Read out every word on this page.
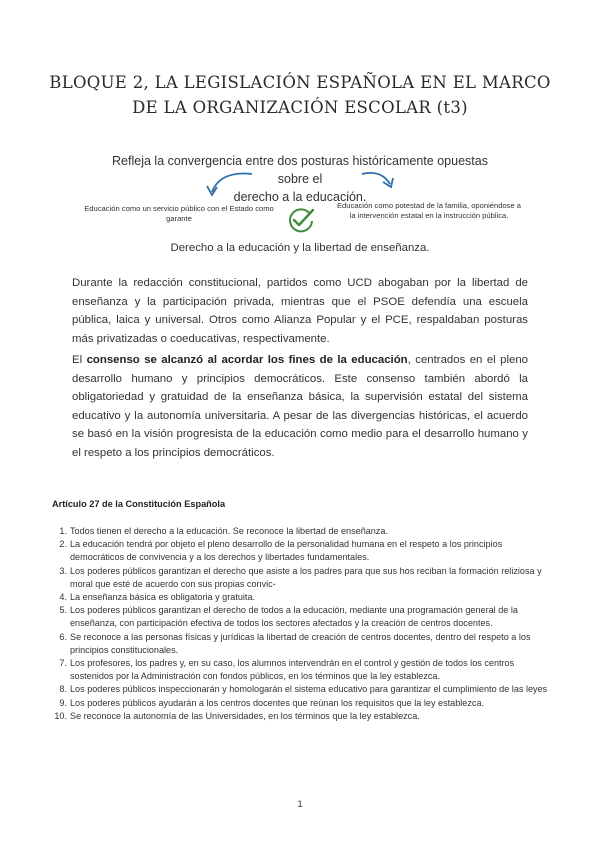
BLOQUE 2, LA LEGISLACIÓN ESPAÑOLA EN EL MARCO
DE LA ORGANIZACIÓN ESCOLAR (t3)
Refleja la convergencia entre dos posturas históricamente opuestas sobre el
derecho a la educación.
Educación como un servicio público con el Estado como
garante
Educación como potestad de la familia, oponiéndose a
la intervención estatal en la instrucción pública.
Derecho a la educación y la libertad de enseñanza.

Durante la redacción constitucional, partidos como UCD abogaban por la libertad de enseñanza y la participación privada, mientras que el PSOE defendía una escuela pública, laica y universal. Otros como Alianza Popular y el PCE, respaldaban posturas más privatizadas o coeducativas, respectivamente.

El consenso se alcanzó al acordar los fines de la educación, centrados en el pleno desarrollo humano y principios democráticos. Este consenso también abordó la obligatoriedad y gratuidad de la enseñanza básica, la supervisión estatal del sistema educativo y la autonomía universitaria. A pesar de las divergencias históricas, el acuerdo se basó en la visión progresista de la educación como medio para el desarrollo humano y el respeto a los principios democráticos.

Artículo 27 de la Constitución Española
1. Todos tienen el derecho a la educación. Se reconoce la libertad de enseñanza.
2. La educación tendrá por objeto el pleno desarrollo de la personalidad humana en el respeto a los principios democráticos de convivencia y a los derechos y libertades fundamentales.
3. Los poderes públicos garantizan el derecho que asiste a los padres para que sus hos reciban la formación reliziosa y moral que esté de acuerdo con sus propias convic-
4. La enseñanza básica es obligatoria y gratuita.
5. Los poderes públicos garantizan el derecho de todos a la educación, mediante una programación general de la enseñanza, con participación efectiva de todos los sectores afectados y la creación de centros docentes.
6. Se reconoce a las personas físicas y jurídicas la libertad de creación de centros docentes, dentro del respeto a los principios constitucionales.
7. Los profesores, los padres y, en su caso, los alumnos intervendrán en el control y gestión de todos los centros sostenidos por la Administración con fondos públicos, en los términos que la ley establezca.
8. Los poderes públicos inspeccionarán y homologarán el sistema educativo para garantizar el cumplimiento de las leyes
9. Los poderes públicos ayudarán a los centros docentes que reúnan los requisitos que la ley establezca.
10. Se reconoce la autonomía de las Universidades, en los términos que la ley establezca.
1
